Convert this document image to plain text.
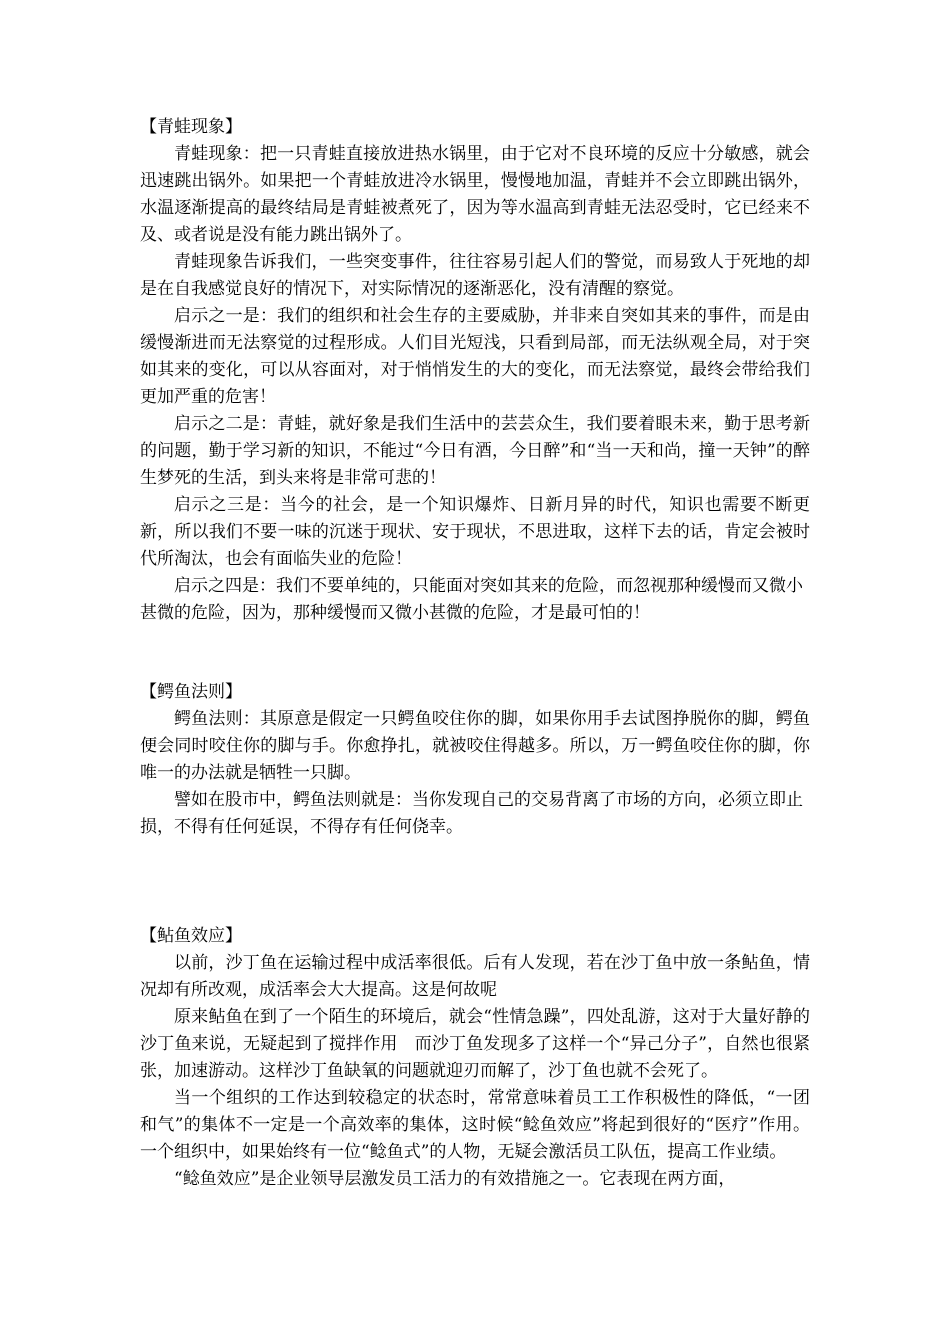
【青蛙现象】

青蛙现象：把一只青蛙直接放进热水锅里，由于它对不良环境的反应十分敏感，就会迅速跳出锅外。如果把一个青蛙放进冷水锅里，慢慢地加温，青蛙并不会立即跳出锅外，水温逐渐提高的最终结局是青蛙被煮死了，因为等水温高到青蛙无法忍受时，它已经来不及、或者说是没有能力跳出锅外了。

青蛙现象告诉我们，一些突变事件，往往容易引起人们的警觉，而易致人于死地的却是在自我感觉良好的情况下，对实际情况的逐渐恶化，没有清醒的察觉。

启示之一是：我们的组织和社会生存的主要威胁，并非来自突如其来的事件，而是由缓慢渐进而无法察觉的过程形成。人们目光短浅，只看到局部，而无法纵观全局，对于突如其来的变化，可以从容面对，对于悄悄发生的大的变化，而无法察觉，最终会带给我们更加严重的危害！

启示之二是：青蛙，就好象是我们生活中的芸芸众生，我们要着眼未来，勤于思考新的问题，勤于学习新的知识，不能过“今日有酒，今日醉”和“当一天和尚，撞一天钟”的醉生梦死的生活，到头来将是非常可悲的！

启示之三是：当今的社会，是一个知识爆炸、日新月异的时代，知识也需要不断更新，所以我们不要一味的沉迷于现状、安于现状，不思进取，这样下去的话，肯定会被时代所淘汰，也会有面临失业的危险！

启示之四是：我们不要单纯的，只能面对突如其来的危险，而忽视那种缓慢而又微小甚微的危险，因为，那种缓慢而又微小甚微的危险，才是最可怕的！

【鳄鱼法则】

鳄鱼法则：其原意是假定一只鳄鱼咬住你的脚，如果你用手去试图挣脱你的脚，鳄鱼便会同时咬住你的脚与手。你愈挣扎，就被咬住得越多。所以，万一鳄鱼咬住你的脚，你唯一的办法就是牺牲一只脚。

譬如在股市中，鳄鱼法则就是：当你发现自己的交易背离了市场的方向，必须立即止损，不得有任何延误，不得存有任何侥幸。

【鲇鱼效应】

以前，沙丁鱼在运输过程中成活率很低。后有人发现，若在沙丁鱼中放一条鲇鱼，情况却有所改观，成活率会大大提高。这是何故呢

原来鲇鱼在到了一个陌生的环境后，就会“性情急躁”，四处乱游，这对于大量好静的沙丁鱼来说，无疑起到了搅拌作用　而沙丁鱼发现多了这样一个“异己分子”，自然也很紧张，加速游动。这样沙丁鱼缺氧的问题就迎刃而解了，沙丁鱼也就不会死了。

当一个组织的工作达到较稳定的状态时，常常意味着员工工作积极性的降低，“一团和气”的集体不一定是一个高效率的集体，这时候“鲶鱼效应”将起到很好的“医疗”作用。一个组织中，如果始终有一位“鲶鱼式”的人物，无疑会激活员工队伍，提高工作业绩。

“鲶鱼效应”是企业领导层激发员工活力的有效措施之一。它表现在两方面，
